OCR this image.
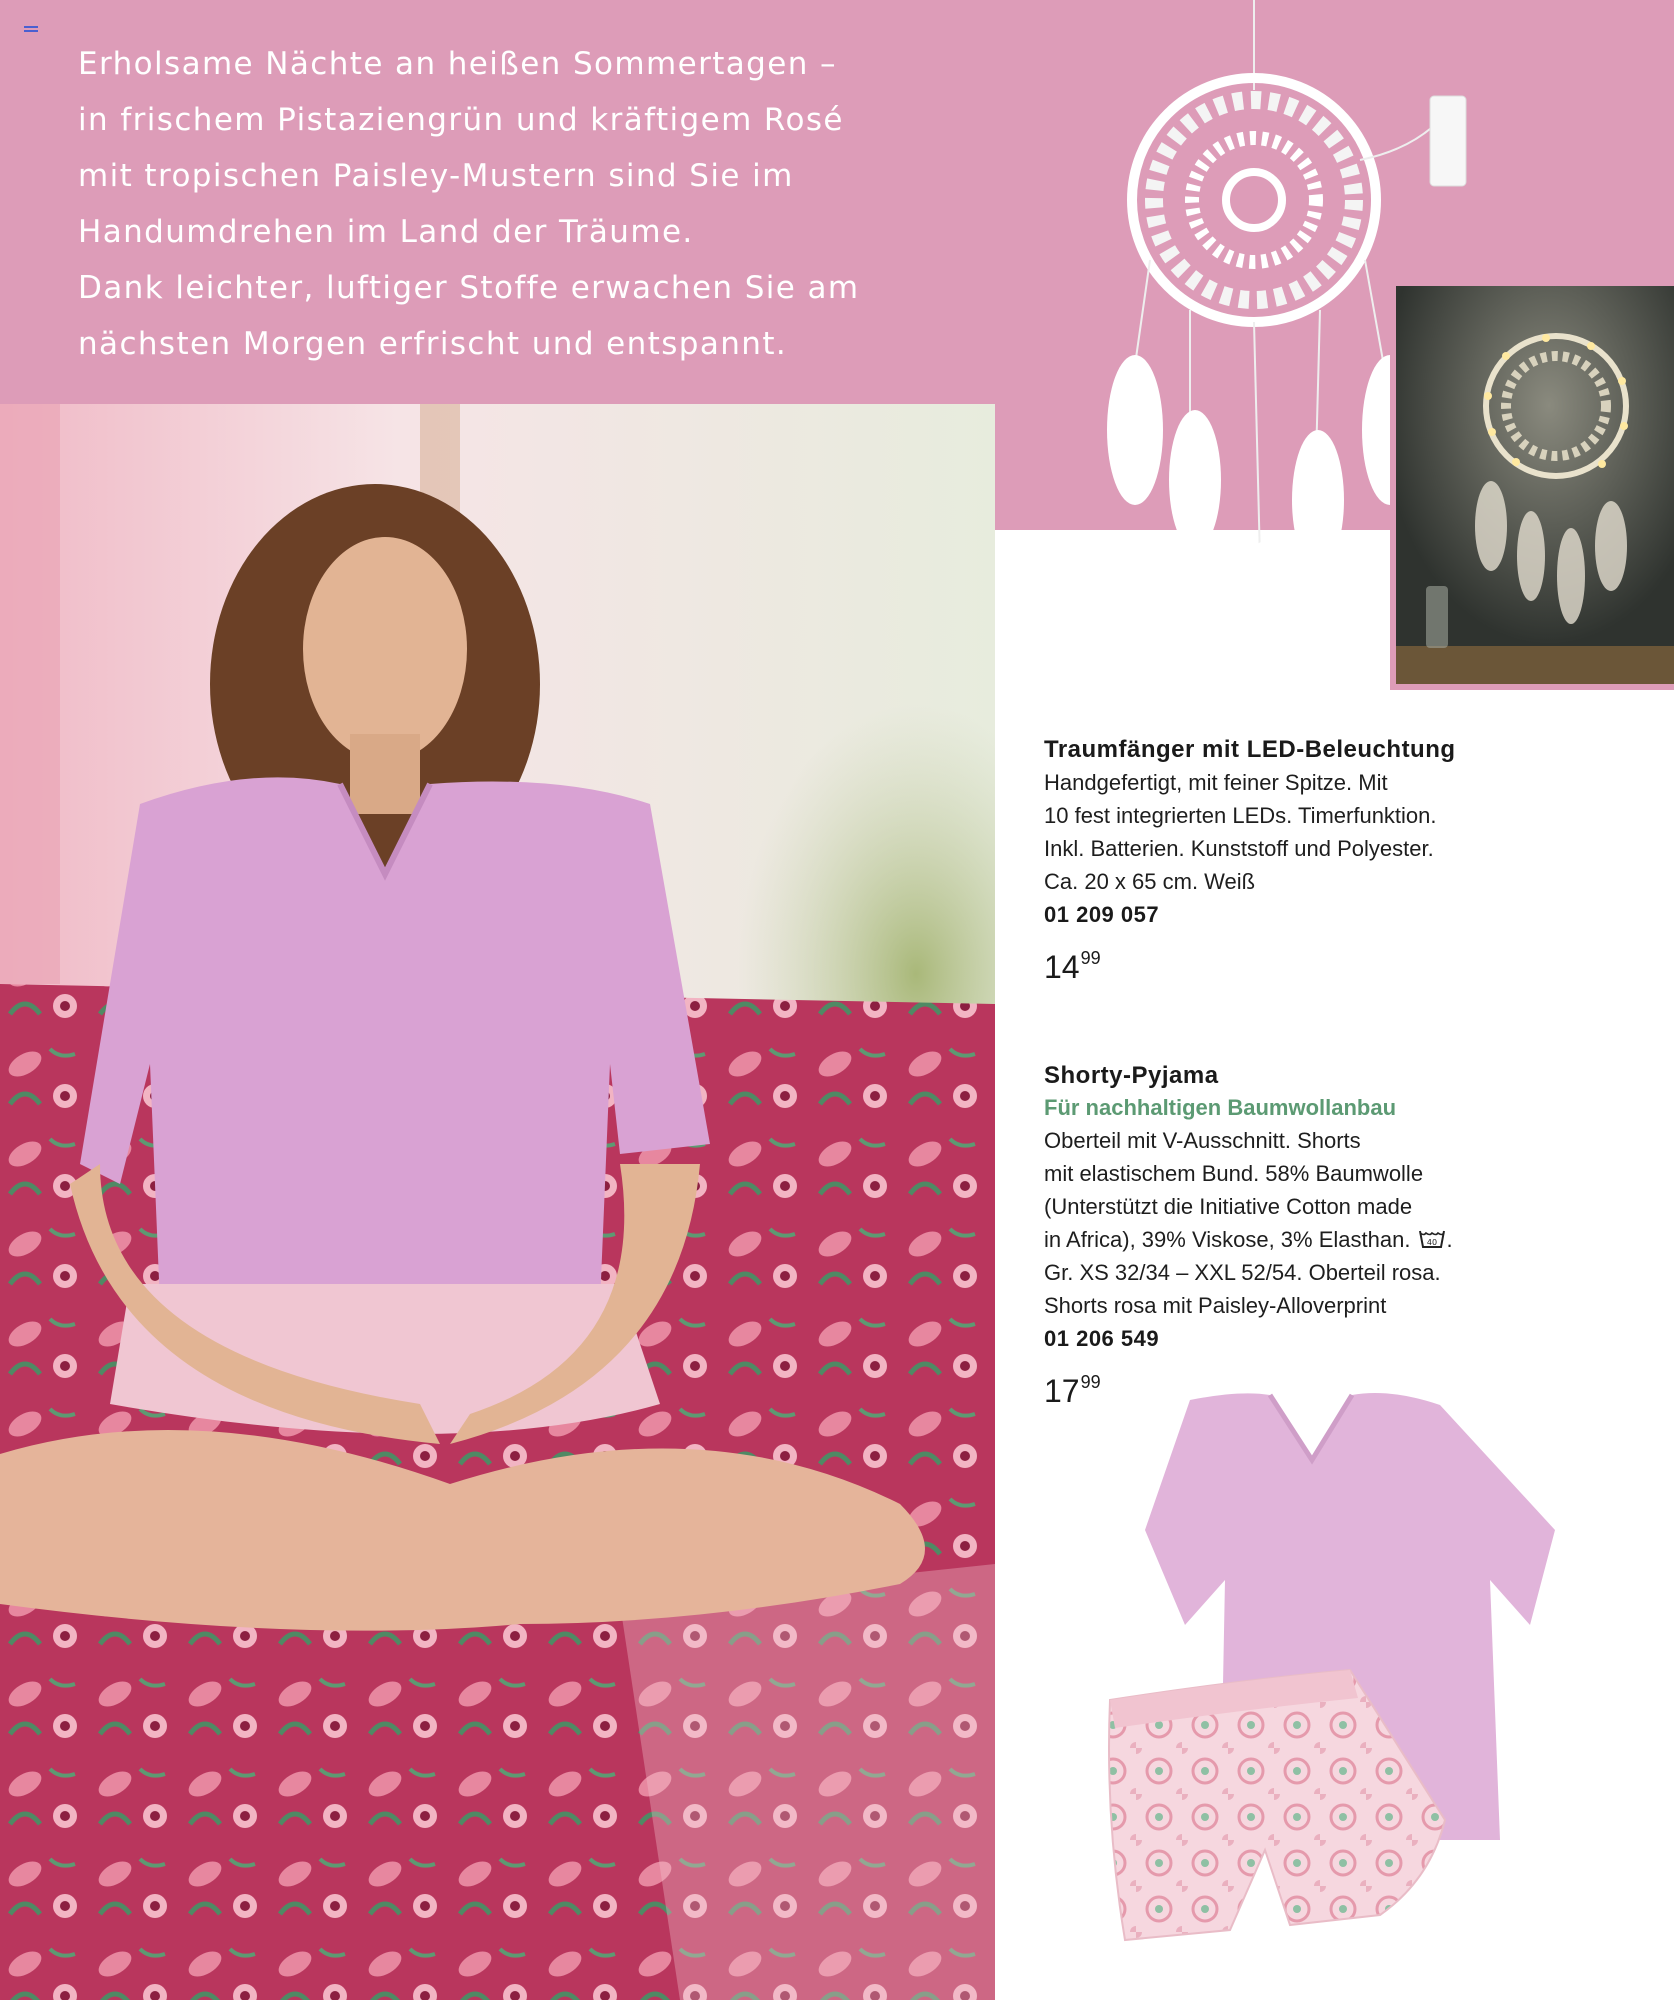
Erholsame Nächte an heißen Sommertagen –

in frischem Pistaziengrün und kräftigem Rosé

mit tropischen Paisley-Mustern sind Sie im

Handumdrehen im Land der Träume.

Dank leichter, luftiger Stoffe erwachen Sie am

nächsten Morgen erfrischt und entspannt.

Traumfänger mit LED-Beleuchtung
Handgefertigt, mit feiner Spitze. Mit
10 fest integrierten LEDs. Timerfunktion.
Inkl. Batterien. Kunststoff und Polyester.
Ca. 20 x 65 cm. Weiß
01 209 057
$14^{99}$
Shorty-Pyjama
Für nachhaltigen Baumwollanbau
Oberteil mit V-Ausschnitt. Shorts
mit elastischem Bund. 58% Baumwolle
(Unterstützt die Initiative Cotton made
in Africa), 39% Viskose, 3% Elasthan. 40 .
Gr. XS 32/34 – XXL 52/54. Oberteil rosa.
Shorts rosa mit Paisley-Alloverprint
01 206 549
$17^{99}$
